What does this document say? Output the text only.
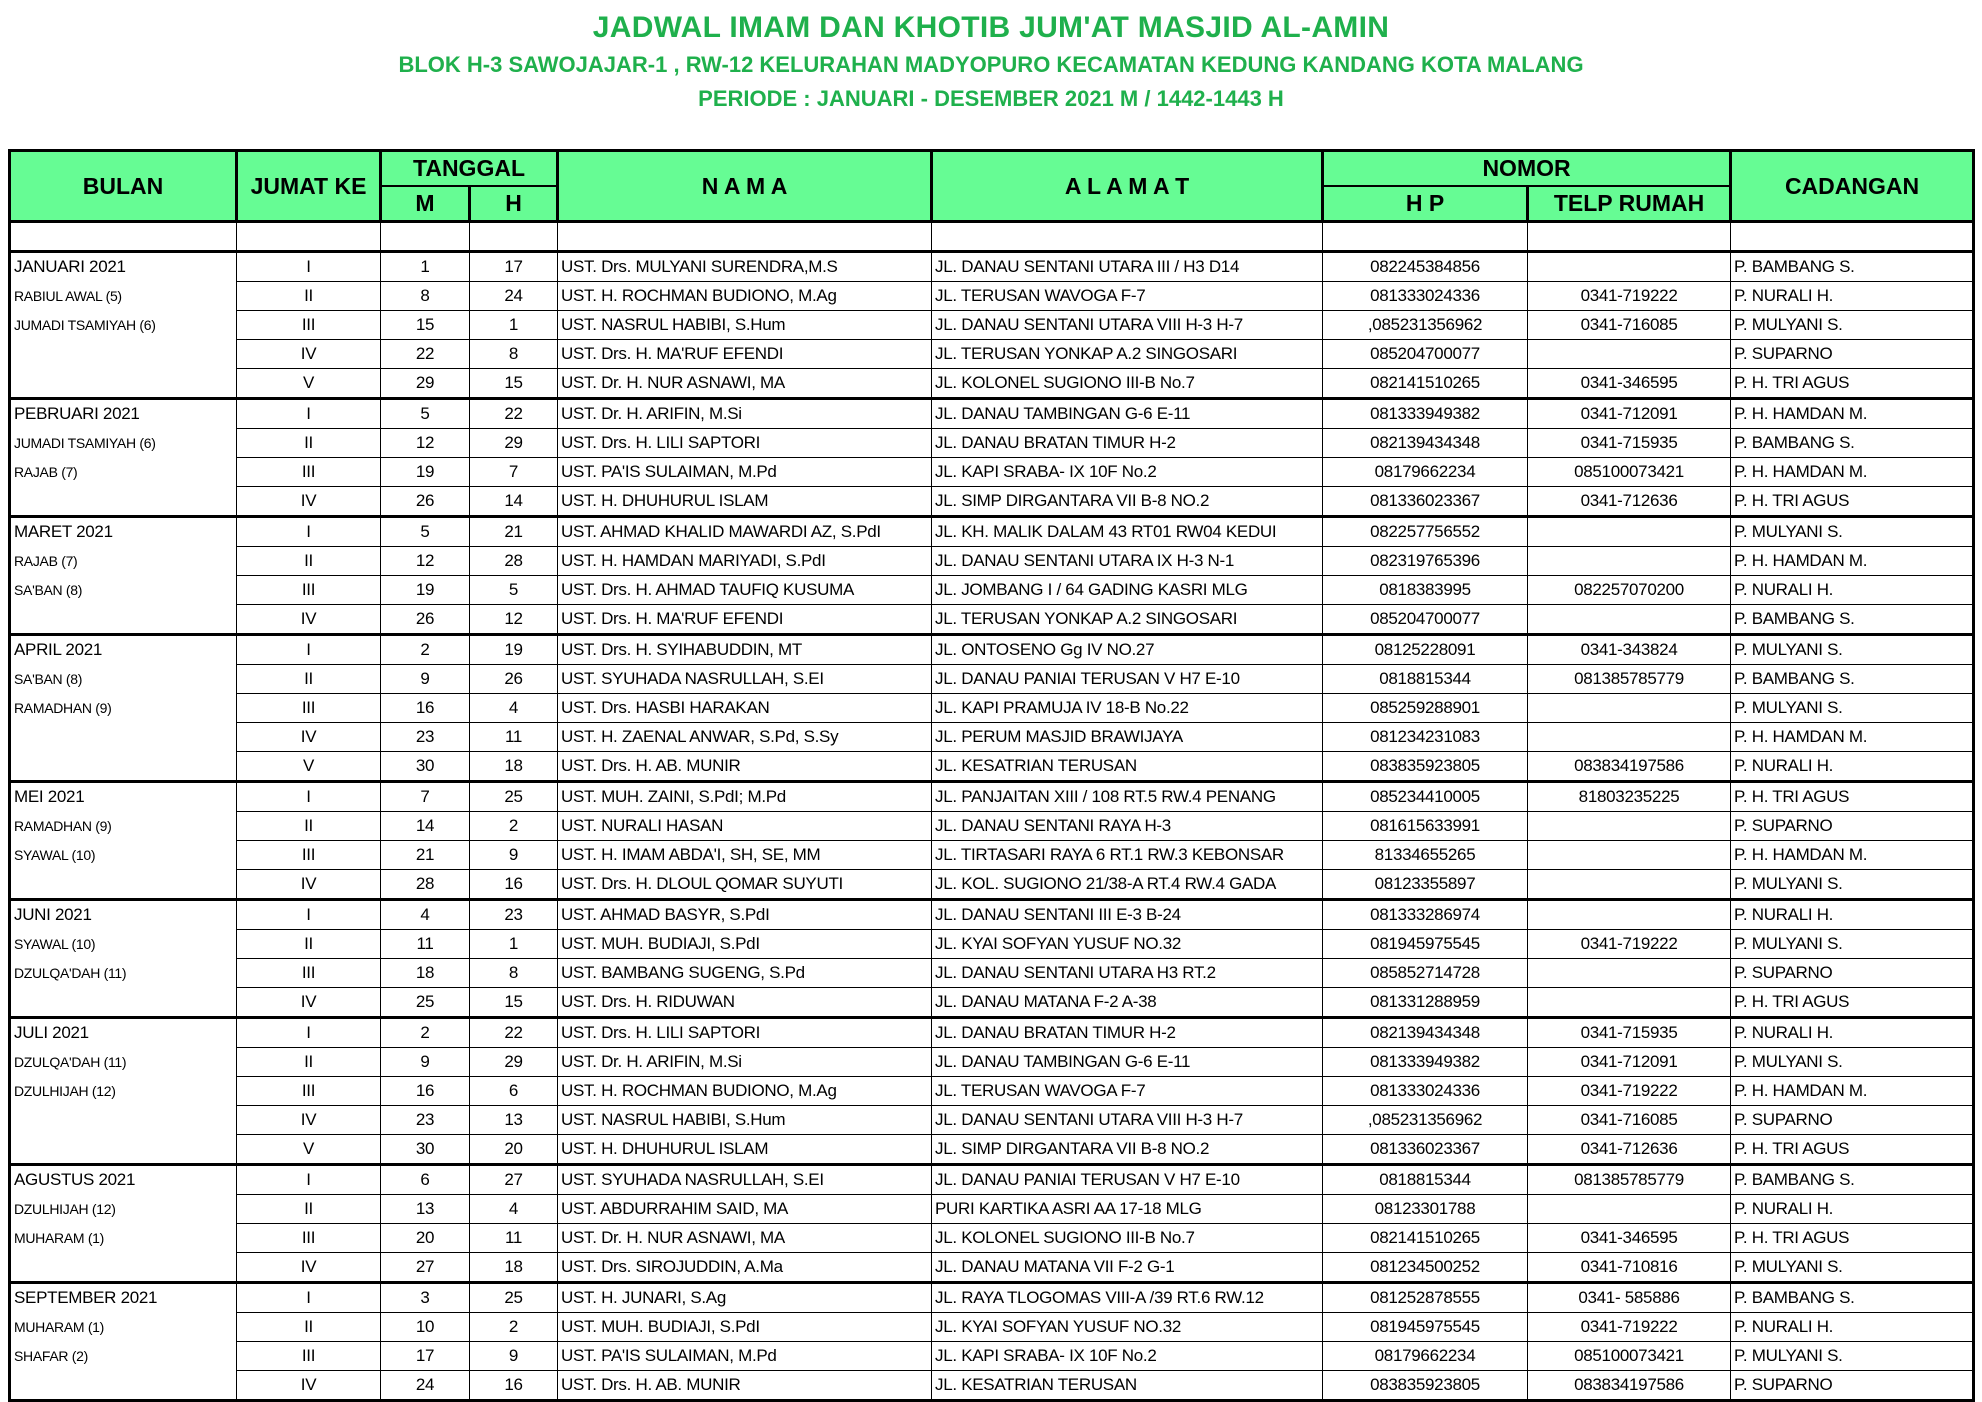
JADWAL IMAM DAN KHOTIB JUM'AT MASJID AL-AMIN
BLOK H-3 SAWOJAJAR-1 , RW-12 KELURAHAN MADYOPURO KECAMATAN KEDUNG KANDANG KOTA MALANG
PERIODE : JANUARI - DESEMBER 2021 M / 1442-1443 H
BULAN	JUMAT KE	TANGGAL		N A M A	A L A M A T	NOMOR		CADANGAN
		M	H			H P	TELP RUMAH	

JANUARI 2021	I	1	17	UST. Drs. MULYANI SURENDRA,M.S	JL. DANAU SENTANI UTARA III / H3 D14	082245384856		P. BAMBANG S.
RABIUL AWAL (5)	II	8	24	UST. H. ROCHMAN BUDIONO, M.Ag	JL. TERUSAN WAVOGA F-7	081333024336	0341-719222	P. NURALI H.
JUMADI TSAMIYAH (6)	III	15	1	UST. NASRUL HABIBI, S.Hum	JL. DANAU SENTANI UTARA VIII H-3 H-7	,085231356962	0341-716085	P. MULYANI S.
	IV	22	8	UST. Drs. H. MA'RUF EFENDI	JL. TERUSAN YONKAP A.2 SINGOSARI	085204700077		P. SUPARNO
	V	29	15	UST. Dr. H. NUR ASNAWI, MA	JL. KOLONEL SUGIONO III-B No.7	082141510265	0341-346595	P. H. TRI AGUS
PEBRUARI 2021	I	5	22	UST. Dr. H. ARIFIN, M.Si	JL. DANAU TAMBINGAN G-6 E-11	081333949382	0341-712091	P. H. HAMDAN M.
JUMADI TSAMIYAH (6)	II	12	29	UST. Drs. H. LILI SAPTORI	JL. DANAU BRATAN TIMUR H-2	082139434348	0341-715935	P. BAMBANG S.
RAJAB (7)	III	19	7	UST. PA'IS SULAIMAN, M.Pd	JL. KAPI SRABA- IX 10F No.2	08179662234	085100073421	P. H. HAMDAN M.
	IV	26	14	UST. H. DHUHURUL ISLAM	JL. SIMP DIRGANTARA VII B-8 NO.2	081336023367	0341-712636	P. H. TRI AGUS
MARET 2021	I	5	21	UST. AHMAD KHALID MAWARDI AZ, S.PdI	JL. KH. MALIK DALAM 43 RT01 RW04 KEDUI	082257756552		P. MULYANI S.
RAJAB (7)	II	12	28	UST. H. HAMDAN MARIYADI, S.PdI	JL. DANAU SENTANI UTARA IX H-3 N-1	082319765396		P. H. HAMDAN M.
SA'BAN (8)	III	19	5	UST. Drs. H. AHMAD TAUFIQ KUSUMA	JL. JOMBANG I / 64 GADING KASRI MLG	0818383995	082257070200	P. NURALI H.
	IV	26	12	UST. Drs. H. MA'RUF EFENDI	JL. TERUSAN YONKAP A.2 SINGOSARI	085204700077		P. BAMBANG S.
APRIL 2021	I	2	19	UST. Drs. H. SYIHABUDDIN, MT	JL. ONTOSENO Gg IV NO.27	08125228091	0341-343824	P. MULYANI S.
SA'BAN (8)	II	9	26	UST. SYUHADA NASRULLAH, S.EI	JL. DANAU PANIAI TERUSAN V H7 E-10	0818815344	081385785779	P. BAMBANG S.
RAMADHAN (9)	III	16	4	UST. Drs. HASBI HARAKAN	JL. KAPI PRAMUJA IV 18-B No.22	085259288901		P. MULYANI S.
	IV	23	11	UST. H. ZAENAL ANWAR, S.Pd, S.Sy	JL. PERUM MASJID BRAWIJAYA	081234231083		P. H. HAMDAN M.
	V	30	18	UST. Drs. H. AB. MUNIR	JL. KESATRIAN TERUSAN	083835923805	083834197586	P. NURALI H.
MEI 2021	I	7	25	UST. MUH. ZAINI, S.PdI; M.Pd	JL. PANJAITAN XIII / 108 RT.5 RW.4 PENANG	085234410005	81803235225	P. H. TRI AGUS
RAMADHAN (9)	II	14	2	UST. NURALI HASAN	JL. DANAU SENTANI RAYA H-3	081615633991		P. SUPARNO
SYAWAL (10)	III	21	9	UST. H. IMAM ABDA'I, SH, SE, MM	JL. TIRTASARI RAYA 6 RT.1 RW.3 KEBONSAR	81334655265		P. H. HAMDAN M.
	IV	28	16	UST. Drs. H. DLOUL QOMAR SUYUTI	JL. KOL. SUGIONO 21/38-A RT.4 RW.4 GADA	08123355897		P. MULYANI S.
JUNI 2021	I	4	23	UST. AHMAD BASYR, S.PdI	JL. DANAU SENTANI III E-3 B-24	081333286974		P. NURALI H.
SYAWAL (10)	II	11	1	UST. MUH. BUDIAJI, S.PdI	JL. KYAI SOFYAN YUSUF NO.32	081945975545	0341-719222	P. MULYANI S.
DZULQA'DAH (11)	III	18	8	UST. BAMBANG SUGENG, S.Pd	JL. DANAU SENTANI UTARA H3 RT.2	085852714728		P. SUPARNO
	IV	25	15	UST. Drs. H. RIDUWAN	JL. DANAU MATANA F-2 A-38	081331288959		P. H. TRI AGUS
JULI 2021	I	2	22	UST. Drs. H. LILI SAPTORI	JL. DANAU BRATAN TIMUR H-2	082139434348	0341-715935	P. NURALI H.
DZULQA'DAH (11)	II	9	29	UST. Dr. H. ARIFIN, M.Si	JL. DANAU TAMBINGAN G-6 E-11	081333949382	0341-712091	P. MULYANI S.
DZULHIJAH (12)	III	16	6	UST. H. ROCHMAN BUDIONO, M.Ag	JL. TERUSAN WAVOGA F-7	081333024336	0341-719222	P. H. HAMDAN M.
	IV	23	13	UST. NASRUL HABIBI, S.Hum	JL. DANAU SENTANI UTARA VIII H-3 H-7	,085231356962	0341-716085	P. SUPARNO
	V	30	20	UST. H. DHUHURUL ISLAM	JL. SIMP DIRGANTARA VII B-8 NO.2	081336023367	0341-712636	P. H. TRI AGUS
AGUSTUS 2021	I	6	27	UST. SYUHADA NASRULLAH, S.EI	JL. DANAU PANIAI TERUSAN V H7 E-10	0818815344	081385785779	P. BAMBANG S.
DZULHIJAH (12)	II	13	4	UST. ABDURRAHIM SAID, MA	PURI KARTIKA ASRI AA 17-18 MLG	08123301788		P. NURALI H.
MUHARAM (1)	III	20	11	UST. Dr. H. NUR ASNAWI, MA	JL. KOLONEL SUGIONO III-B No.7	082141510265	0341-346595	P. H. TRI AGUS
	IV	27	18	UST. Drs. SIROJUDDIN, A.Ma	JL. DANAU MATANA VII F-2 G-1	081234500252	0341-710816	P. MULYANI S.
SEPTEMBER 2021	I	3	25	UST. H. JUNARI, S.Ag	JL. RAYA TLOGOMAS VIII-A /39 RT.6 RW.12	081252878555	0341- 585886	P. BAMBANG S.
MUHARAM (1)	II	10	2	UST. MUH. BUDIAJI, S.PdI	JL. KYAI SOFYAN YUSUF NO.32	081945975545	0341-719222	P. NURALI H.
SHAFAR (2)	III	17	9	UST. PA'IS SULAIMAN, M.Pd	JL. KAPI SRABA- IX 10F No.2	08179662234	085100073421	P. MULYANI S.
	IV	24	16	UST. Drs. H. AB. MUNIR	JL. KESATRIAN TERUSAN	083835923805	083834197586	P. SUPARNO
